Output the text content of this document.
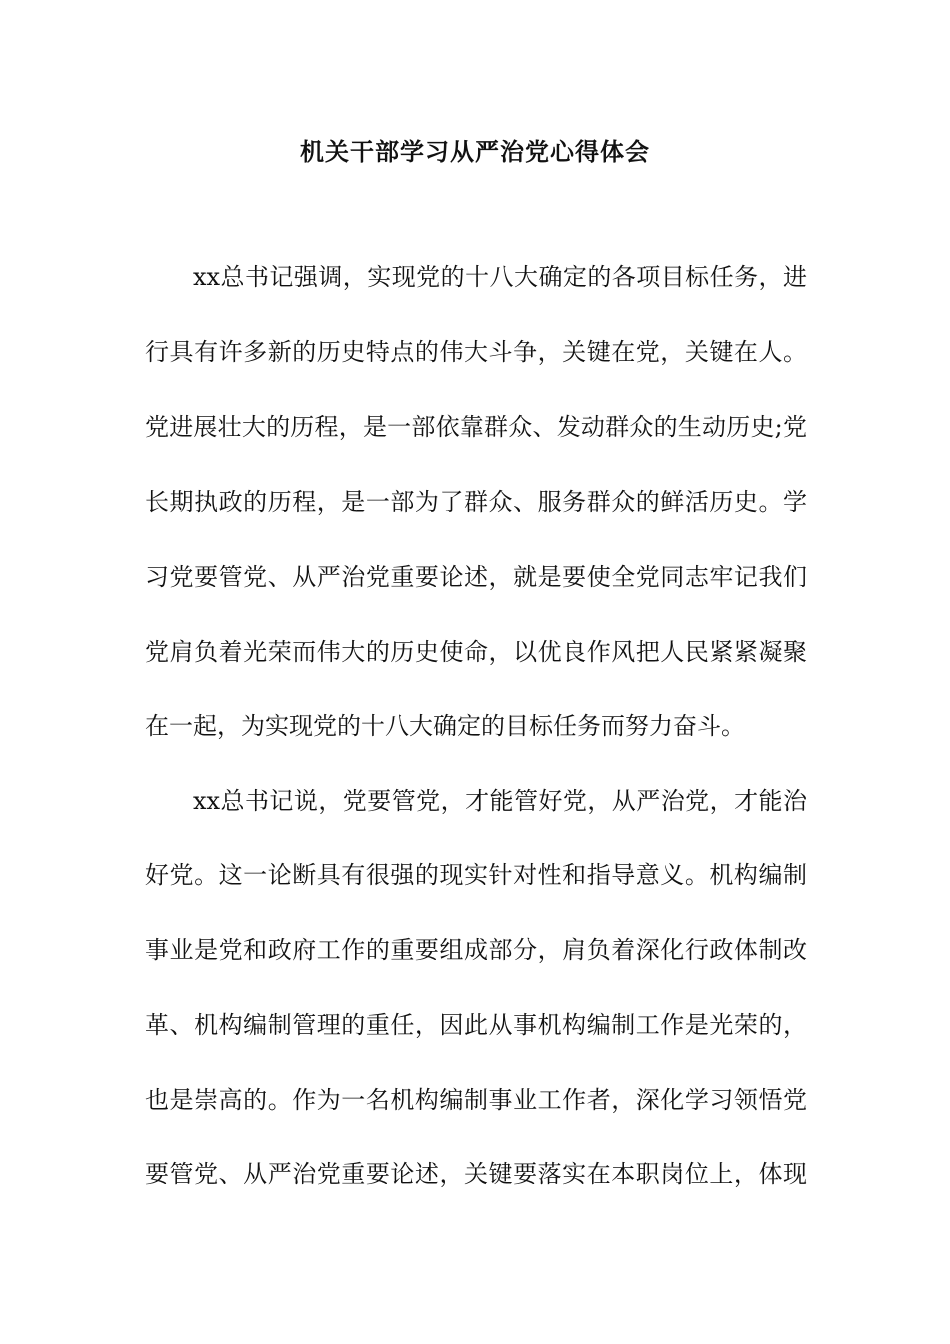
机关干部学习从严治党心得体会
xx总书记强调，实现党的十八大确定的各项目标任务，进
行具有许多新的历史特点的伟大斗争，关键在党，关键在人。
党进展壮大的历程，是一部依靠群众、发动群众的生动历史;党
长期执政的历程，是一部为了群众、服务群众的鲜活历史。学
习党要管党、从严治党重要论述，就是要使全党同志牢记我们
党肩负着光荣而伟大的历史使命，以优良作风把人民紧紧凝聚
在一起，为实现党的十八大确定的目标任务而努力奋斗。
xx总书记说，党要管党，才能管好党，从严治党，才能治
好党。这一论断具有很强的现实针对性和指导意义。机构编制
事业是党和政府工作的重要组成部分，肩负着深化行政体制改
革、机构编制管理的重任，因此从事机构编制工作是光荣的，
也是崇高的。作为一名机构编制事业工作者，深化学习领悟党
要管党、从严治党重要论述，关键要落实在本职岗位上，体现
